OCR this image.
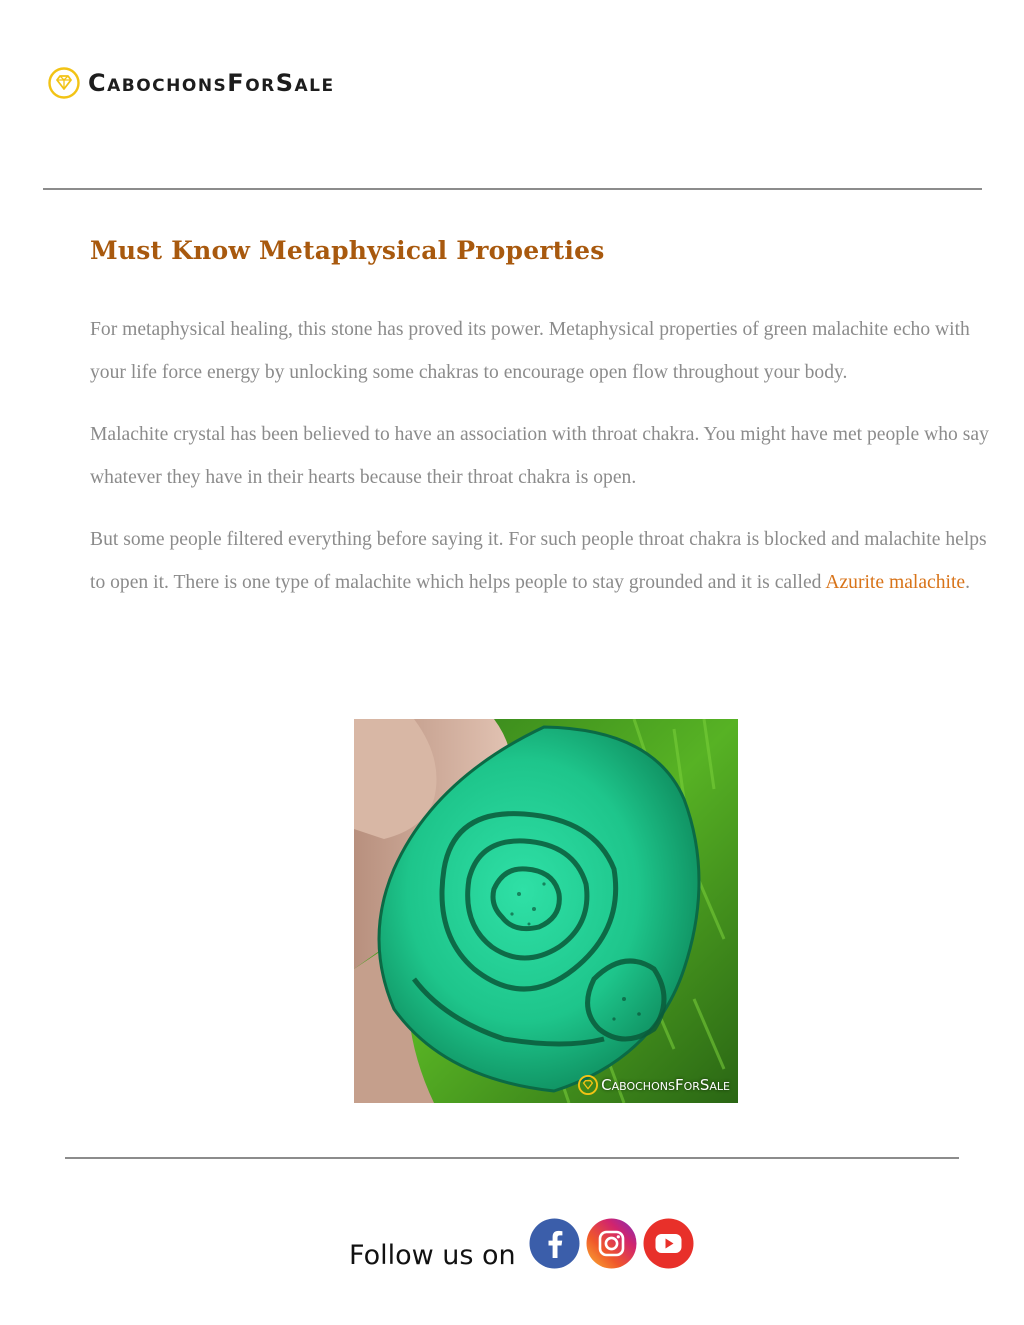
CabochonsForSale
Must Know Metaphysical Properties

For metaphysical healing, this stone has proved its power. Metaphysical properties of green malachite echo with your life force energy by unlocking some chakras to encourage open flow throughout your body.

Malachite crystal has been believed to have an association with throat chakra. You might have met people who say whatever they have in their hearts because their throat chakra is open.

But some people filtered everything before saying it. For such people throat chakra is blocked and malachite helps to open it. There is one type of malachite which helps people to stay grounded and it is called Azurite malachite.

CabochonsForSale
Follow us on
